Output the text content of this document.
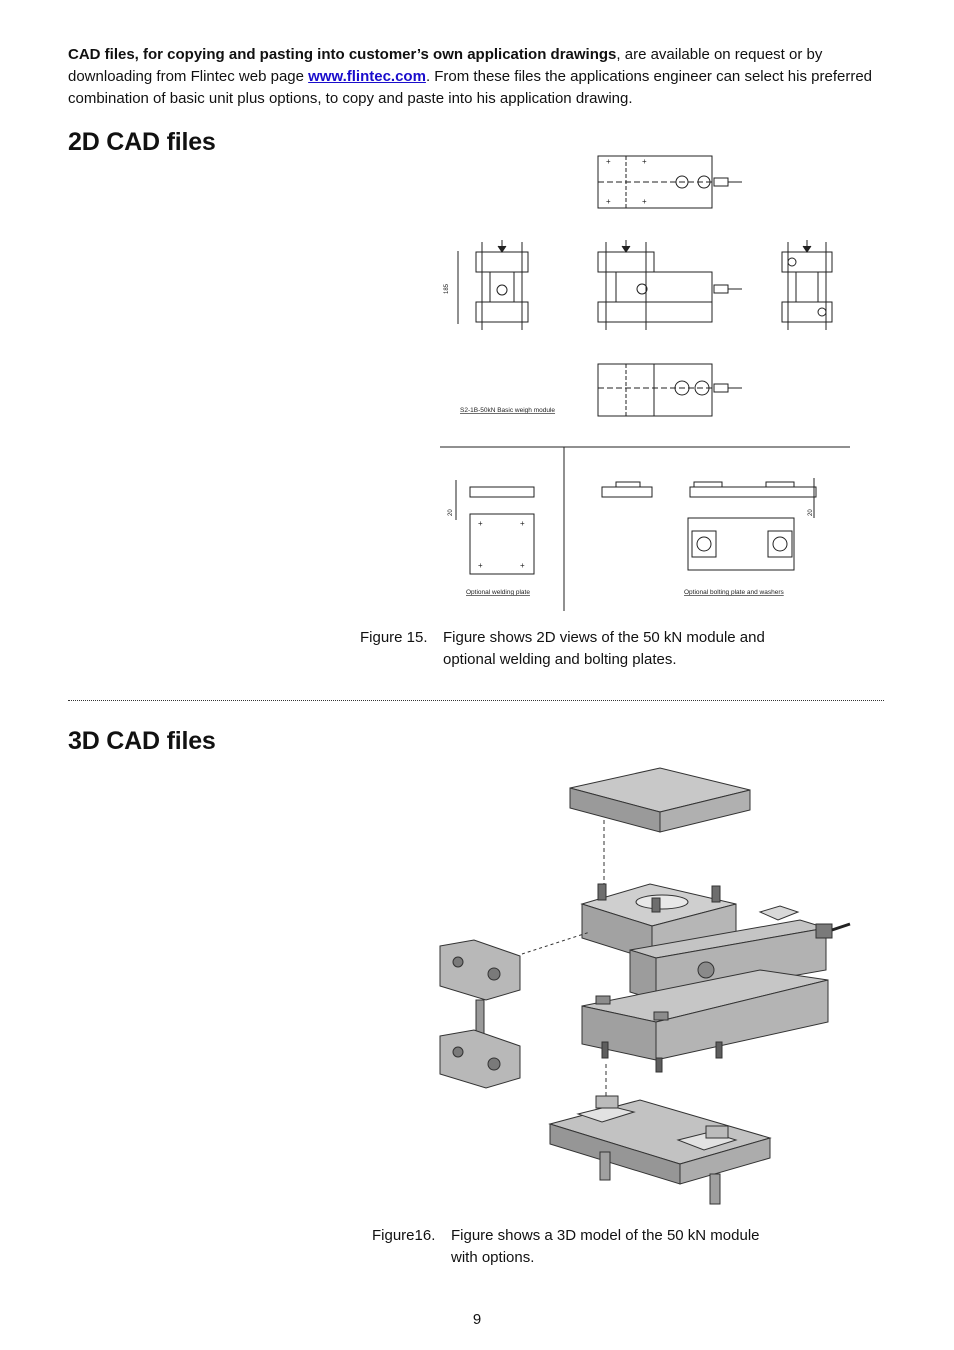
CAD files, for copying and pasting into customer’s own application drawings, are available on request or by downloading from Flintec web page www.flintec.com. From these files the applications engineer can select his preferred combination of basic unit plus options, to copy and paste into his application drawing.
2D CAD files
+	+
+	+
185
S2-1B-50kN Basic weigh module
20
+	+
+	+
Optional welding plate
20
Optional bolting plate and washers
Figure 15. Figure shows 2D views of the 50 kN module and
optional welding and bolting plates.
3D CAD files
Figure16. Figure shows a 3D model of the 50 kN module
with options.
9
